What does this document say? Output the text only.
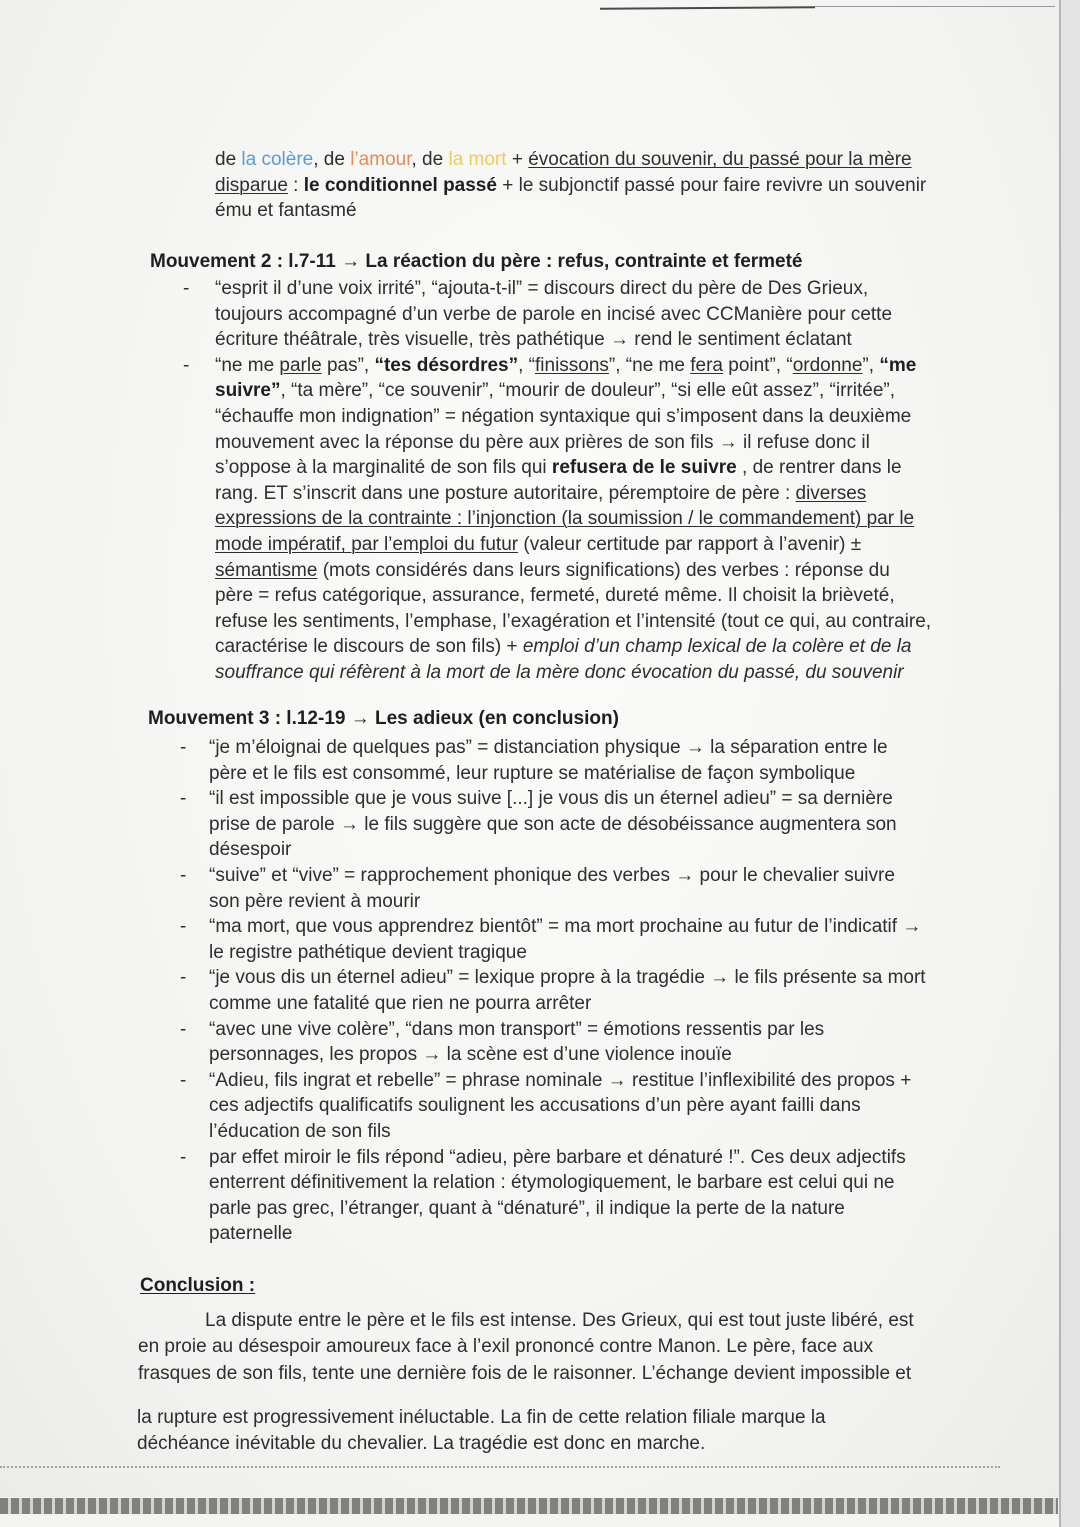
de la colère, de l’amour, de la mort + évocation du souvenir, du passé pour la mère
disparue : le conditionnel passé + le subjonctif passé pour faire revivre un souvenir
ému et fantasmé
Mouvement 2 : l.7-11 → La réaction du père : refus, contrainte et fermeté
-	“esprit il d’une voix irrité”, “ajouta-t-il” = discours direct du père de Des Grieux,
toujours accompagné d’un verbe de parole en incisé avec CCManière pour cette
écriture théâtrale, très visuelle, très pathétique → rend le sentiment éclatant
-	“ne me parle pas”, “tes désordres”, “finissons”, “ne me fera point”, “ordonne”, “me
suivre”, “ta mère”, “ce souvenir”, “mourir de douleur”, “si elle eût assez”, “irritée”,
“échauffe mon indignation” = négation syntaxique qui s’imposent dans la deuxième
mouvement avec la réponse du père aux prières de son fils → il refuse donc il
s’oppose à la marginalité de son fils qui refusera de le suivre , de rentrer dans le
rang. ET s’inscrit dans une posture autoritaire, péremptoire de père : diverses
expressions de la contrainte : l’injonction (la soumission / le commandement) par le
mode impératif, par l’emploi du futur (valeur certitude par rapport à l’avenir) ±
sémantisme (mots considérés dans leurs significations) des verbes : réponse du
père = refus catégorique, assurance, fermeté, dureté même. Il choisit la brièveté,
refuse les sentiments, l’emphase, l’exagération et l’intensité (tout ce qui, au contraire,
caractérise le discours de son fils) + emploi d’un champ lexical de la colère et de la
souffrance qui réfèrent à la mort de la mère donc évocation du passé, du souvenir
Mouvement 3 : l.12-19 → Les adieux (en conclusion)
-	“je m’éloignai de quelques pas” = distanciation physique → la séparation entre le
père et le fils est consommé, leur rupture se matérialise de façon symbolique
-	“il est impossible que je vous suive [...] je vous dis un éternel adieu” = sa dernière
prise de parole → le fils suggère que son acte de désobéissance augmentera son
désespoir
-	“suive” et “vive” = rapprochement phonique des verbes → pour le chevalier suivre
son père revient à mourir
-	“ma mort, que vous apprendrez bientôt” = ma mort prochaine au futur de l’indicatif →
le registre pathétique devient tragique
-	“je vous dis un éternel adieu” = lexique propre à la tragédie → le fils présente sa mort
comme une fatalité que rien ne pourra arrêter
-	“avec une vive colère”, “dans mon transport” = émotions ressentis par les
personnages, les propos → la scène est d’une violence inouïe
-	“Adieu, fils ingrat et rebelle” = phrase nominale → restitue l’inflexibilité des propos +
ces adjectifs qualificatifs soulignent les accusations d’un père ayant failli dans
l’éducation de son fils
-	par effet miroir le fils répond “adieu, père barbare et dénaturé !”. Ces deux adjectifs
enterrent définitivement la relation : étymologiquement, le barbare est celui qui ne
parle pas grec, l’étranger, quant à “dénaturé”, il indique la perte de la nature
paternelle
Conclusion :
La dispute entre le père et le fils est intense. Des Grieux, qui est tout juste libéré, est
en proie au désespoir amoureux face à l’exil prononcé contre Manon. Le père, face aux
frasques de son fils, tente une dernière fois de le raisonner. L’échange devient impossible et
la rupture est progressivement inéluctable. La fin de cette relation filiale marque la
déchéance inévitable du chevalier. La tragédie est donc en marche.
